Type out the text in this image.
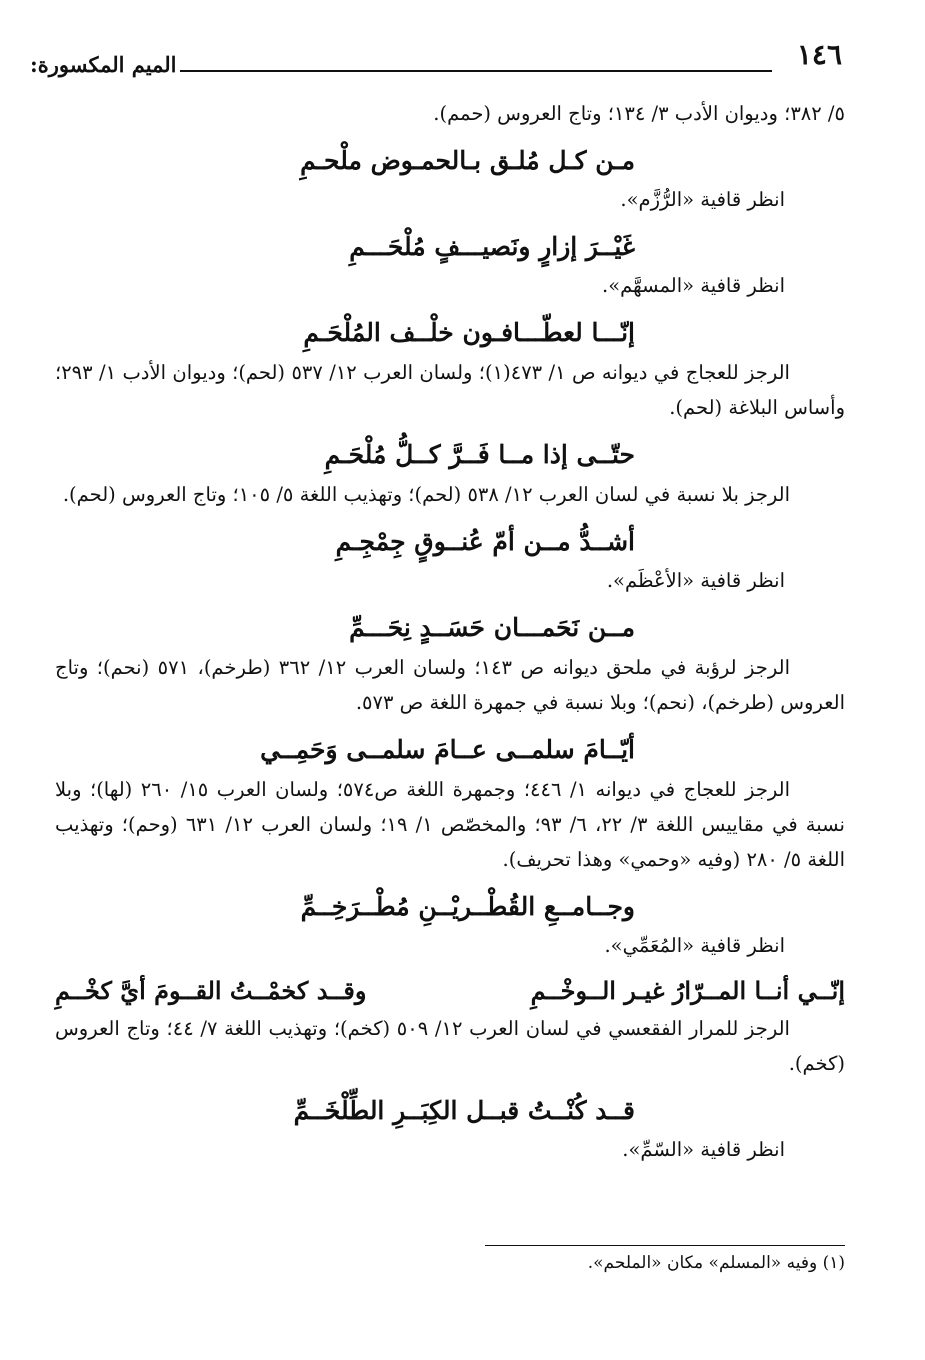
١٤٦
الميم المكسورة:

٥/ ٣٨٢؛ وديوان الأدب ٣/ ١٣٤؛ وتاج العروس (حمم).

مـن كـل مُلـق بـالحمـوض ملْحـمِ

انظر قافية «الرُّزَّم».

غَيْــرَ إزارٍ ونَصيـــفٍ مُلْحَـــمِ

انظر قافية «المسهَّم».

إنّـــا لعطّـــافـون خلْــف المُلْحَـمِ

الرجز للعجاج في ديوانه ص ١/ ٤٧٣(١)؛ ولسان العرب ١٢/ ٥٣٧ (لحم)؛ وديوان الأدب ١/ ٢٩٣؛ وأساس البلاغة (لحم).

حتّــى إذا مــا فَــرَّ كــلُّ مُلْحَـمِ

الرجز بلا نسبة في لسان العرب ١٢/ ٥٣٨ (لحم)؛ وتهذيب اللغة ٥/ ١٠٥؛ وتاج العروس (لحم).

أشــدُّ مــن أمّ عُنــوقٍ جِمْجِـمِ

انظر قافية «الأعْظَم».

مــن نَحَمـــان حَسَــدٍ نِحَـــمِّ

الرجز لرؤبة في ملحق ديوانه ص ١٤٣؛ ولسان العرب ١٢/ ٣٦٢ (طرخم)، ٥٧١ (نحم)؛ وتاج العروس (طرخم)، (نحم)؛ وبلا نسبة في جمهرة اللغة ص ٥٧٣.

أيّــامَ سلمــى عــامَ سلمــى وَحَمِــي

الرجز للعجاج في ديوانه ١/ ٤٤٦؛ وجمهرة اللغة ص٥٧٤؛ ولسان العرب ١٥/ ٢٦٠ (لها)؛ وبلا نسبة في مقاييس اللغة ٣/ ٢٢، ٦/ ٩٣؛ والمخصّص ١/ ١٩؛ ولسان العرب ١٢/ ٦٣١ (وحم)؛ وتهذيب اللغة ٥/ ٢٨٠ (وفيه «وحمي» وهذا تحريف).

وجــامــعِ القُطْــريْــنِ مُطْــرَخِــمِّ

انظر قافية «المُعَمِّي».

إنّــي أنــا المــرّارُ غيـر الــوخْــمِ
وقــد كخمْــتُ القــومَ أيَّ كخْــمِ

الرجز للمرار الفقعسي في لسان العرب ١٢/ ٥٠٩ (كخم)؛ وتهذيب اللغة ٧/ ٤٤؛ وتاج العروس (كخم).

قــد كُنْــتُ قبــل الكِبَــرِ الطِّلْخَــمِّ

انظر قافية «السّمِّ».

(١) وفيه «المسلم» مكان «الملحم».
